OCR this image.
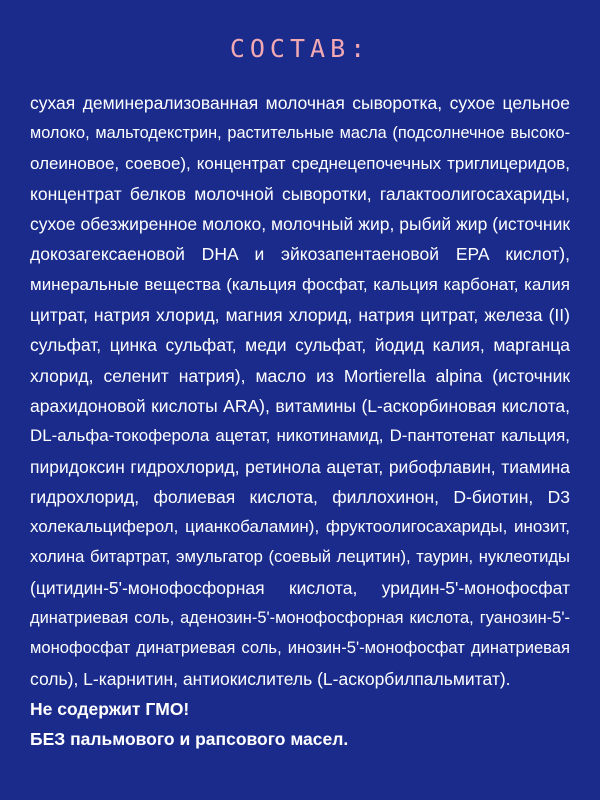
СОСТАВ:
сухая деминерализованная молочная сыворотка, сухое цельное
молоко, мальтодекстрин, растительные масла (подсолнечное высоко-
олеиновое, соевое), концентрат среднецепочечных триглицеридов,
концентрат белков молочной сыворотки, галактоолигосахариды,
сухое обезжиренное молоко, молочный жир, рыбий жир (источник
докозагексаеновой DHA и эйкозапентаеновой EPA кислот),
минеральные вещества (кальция фосфат, кальция карбонат, калия
цитрат, натрия хлорид, магния хлорид, натрия цитрат, железа (II)
сульфат, цинка сульфат, меди сульфат, йодид калия, марганца
хлорид, селенит натрия), масло из Mortierella alpina (источник
арахидоновой кислоты ARA), витамины (L-аскорбиновая кислота,
DL-альфа-токоферола ацетат, никотинамид, D-пантотенат кальция,
пиридоксин гидрохлорид, ретинола ацетат, рибофлавин, тиамина
гидрохлорид, фолиевая кислота, филлохинон, D-биотин, D3
холекальциферол, цианкобаламин), фруктоолигосахариды, инозит,
холина битартрат, эмульгатор (соевый лецитин), таурин, нуклеотиды
(цитидин-5'-монофосфорная кислота, уридин-5'-монофосфат
динатриевая соль, аденозин-5'-монофосфорная кислота, гуанозин-5'-
монофосфат динатриевая соль, инозин-5'-монофосфат динатриевая
соль), L-карнитин, антиокислитель (L-аскорбилпальмитат).
Не содержит ГМО!
БЕЗ пальмового и рапсового масел.
